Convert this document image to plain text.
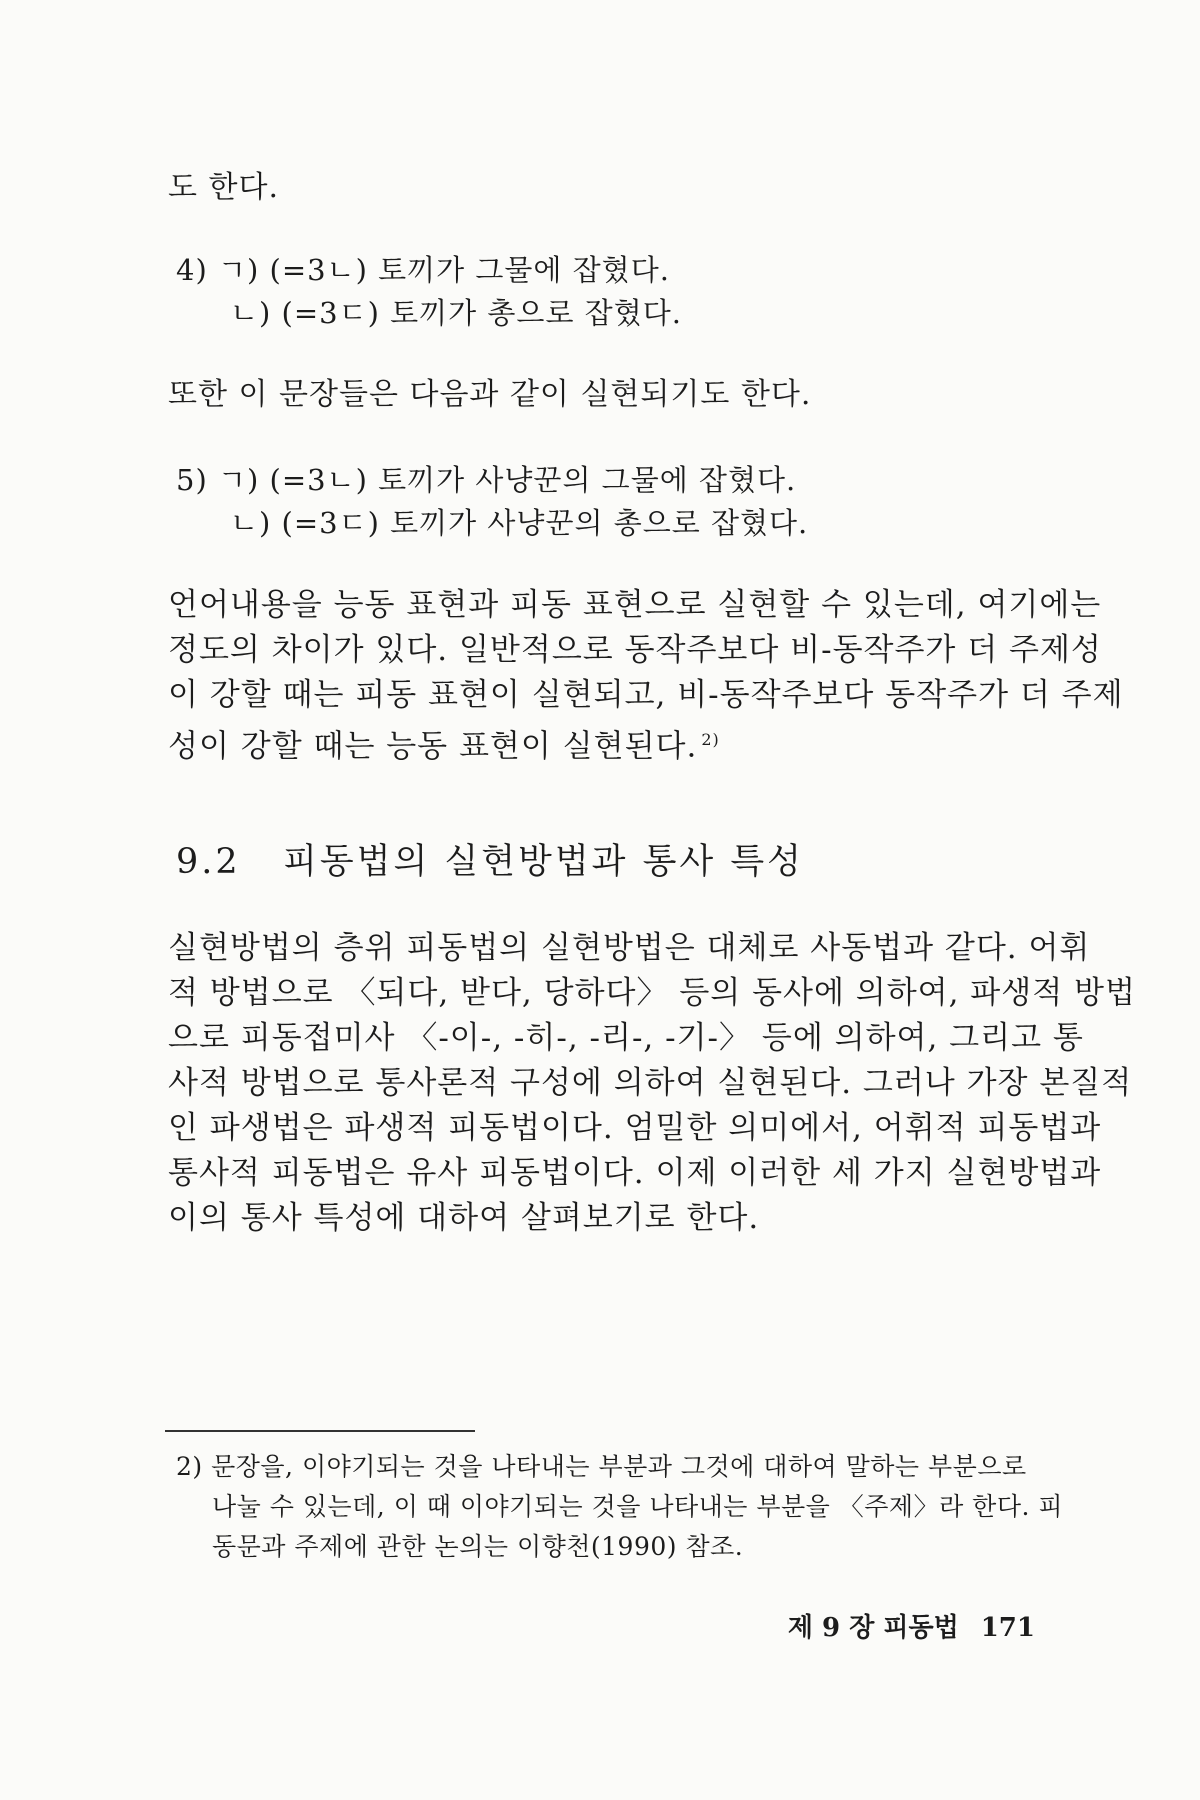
도 한다.
4) ㄱ) (=3ㄴ) 토끼가 그물에 잡혔다.
ㄴ) (=3ㄷ) 토끼가 총으로 잡혔다.
또한 이 문장들은 다음과 같이 실현되기도 한다.
5) ㄱ) (=3ㄴ) 토끼가 사냥꾼의 그물에 잡혔다.
ㄴ) (=3ㄷ) 토끼가 사냥꾼의 총으로 잡혔다.
언어내용을 능동 표현과 피동 표현으로 실현할 수 있는데, 여기에는
정도의 차이가 있다. 일반적으로 동작주보다 비-동작주가 더 주제성
이 강할 때는 피동 표현이 실현되고, 비-동작주보다 동작주가 더 주제
성이 강할 때는 능동 표현이 실현된다. $^{2)}$
9.2 피동법의 실현방법과 통사 특성
실현방법의 층위 피동법의 실현방법은 대체로 사동법과 같다. 어휘
적 방법으로 〈되다, 받다, 당하다〉 등의 동사에 의하여, 파생적 방법
으로 피동접미사 〈-이-, -히-, -리-, -기-〉 등에 의하여, 그리고 통
사적 방법으로 통사론적 구성에 의하여 실현된다. 그러나 가장 본질적
인 파생법은 파생적 피동법이다. 엄밀한 의미에서, 어휘적 피동법과
통사적 피동법은 유사 피동법이다. 이제 이러한 세 가지 실현방법과
이의 통사 특성에 대하여 살펴보기로 한다.
2) 문장을, 이야기되는 것을 나타내는 부분과 그것에 대하여 말하는 부분으로
나눌 수 있는데, 이 때 이야기되는 것을 나타내는 부분을 〈주제〉라 한다. 피
동문과 주제에 관한 논의는 이향천(1990) 참조.
제 9 장 피동법 171
